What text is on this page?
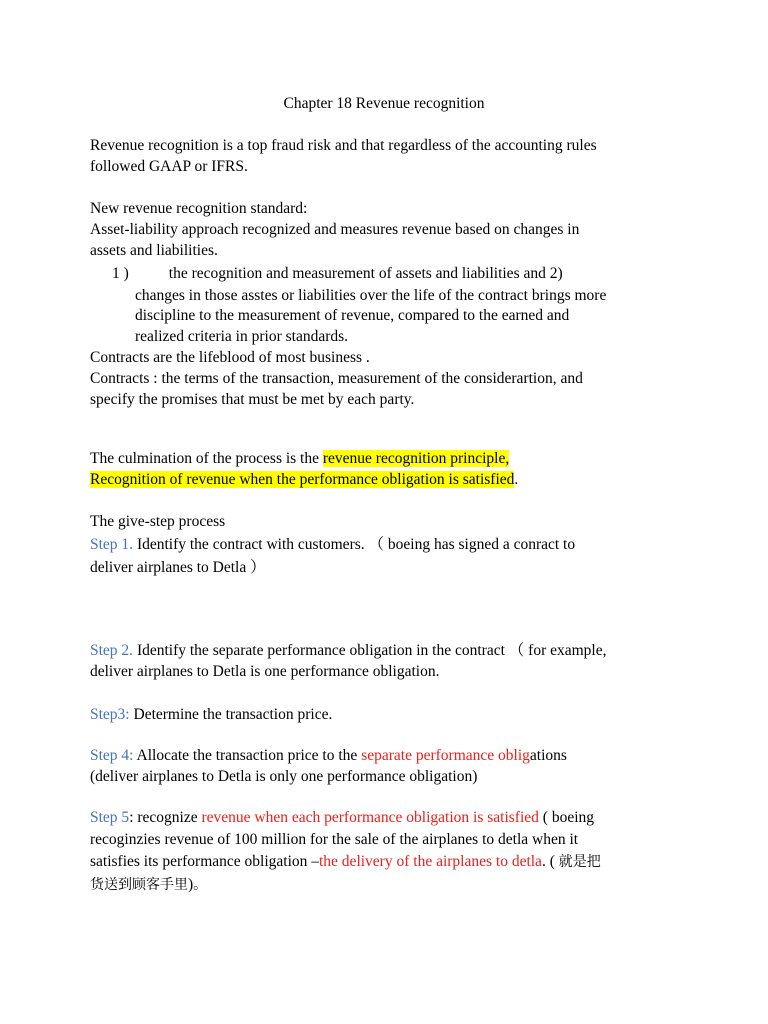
Chapter 18 Revenue recognition
Revenue recognition is a top fraud risk and that regardless of the accounting rules
followed GAAP or IFRS.
New revenue recognition standard:
Asset-liability approach recognized and measures revenue based on changes in
assets and liabilities.
1 )	the recognition and measurement of assets and liabilities and 2)
changes in those asstes or liabilities over the life of the contract brings more
discipline to the measurement of revenue, compared to the earned and
realized criteria in prior standards.
Contracts are the lifeblood of most business .
Contracts : the terms of the transaction, measurement of the considerartion, and
specify the promises that must be met by each party.
The culmination of the process is the revenue recognition principle,
Recognition of revenue when the performance obligation is satisfied.
The give-step process
Step 1. Identify the contract with customers. （ boeing has signed a conract to
deliver airplanes to Detla ）
Step 2. Identify the separate performance obligation in the contract （ for example,
deliver airplanes to Detla is one performance obligation.
Step3: Determine the transaction price.
Step 4: Allocate the transaction price to the separate performance obligations
(deliver airplanes to Detla is only one performance obligation)
Step 5: recognize revenue when each performance obligation is satisfied ( boeing
recoginzies revenue of 100 million for the sale of the airplanes to detla when it
satisfies its performance obligation –the delivery of the airplanes to detla. ( 就是把
货送到顾客手里)。
